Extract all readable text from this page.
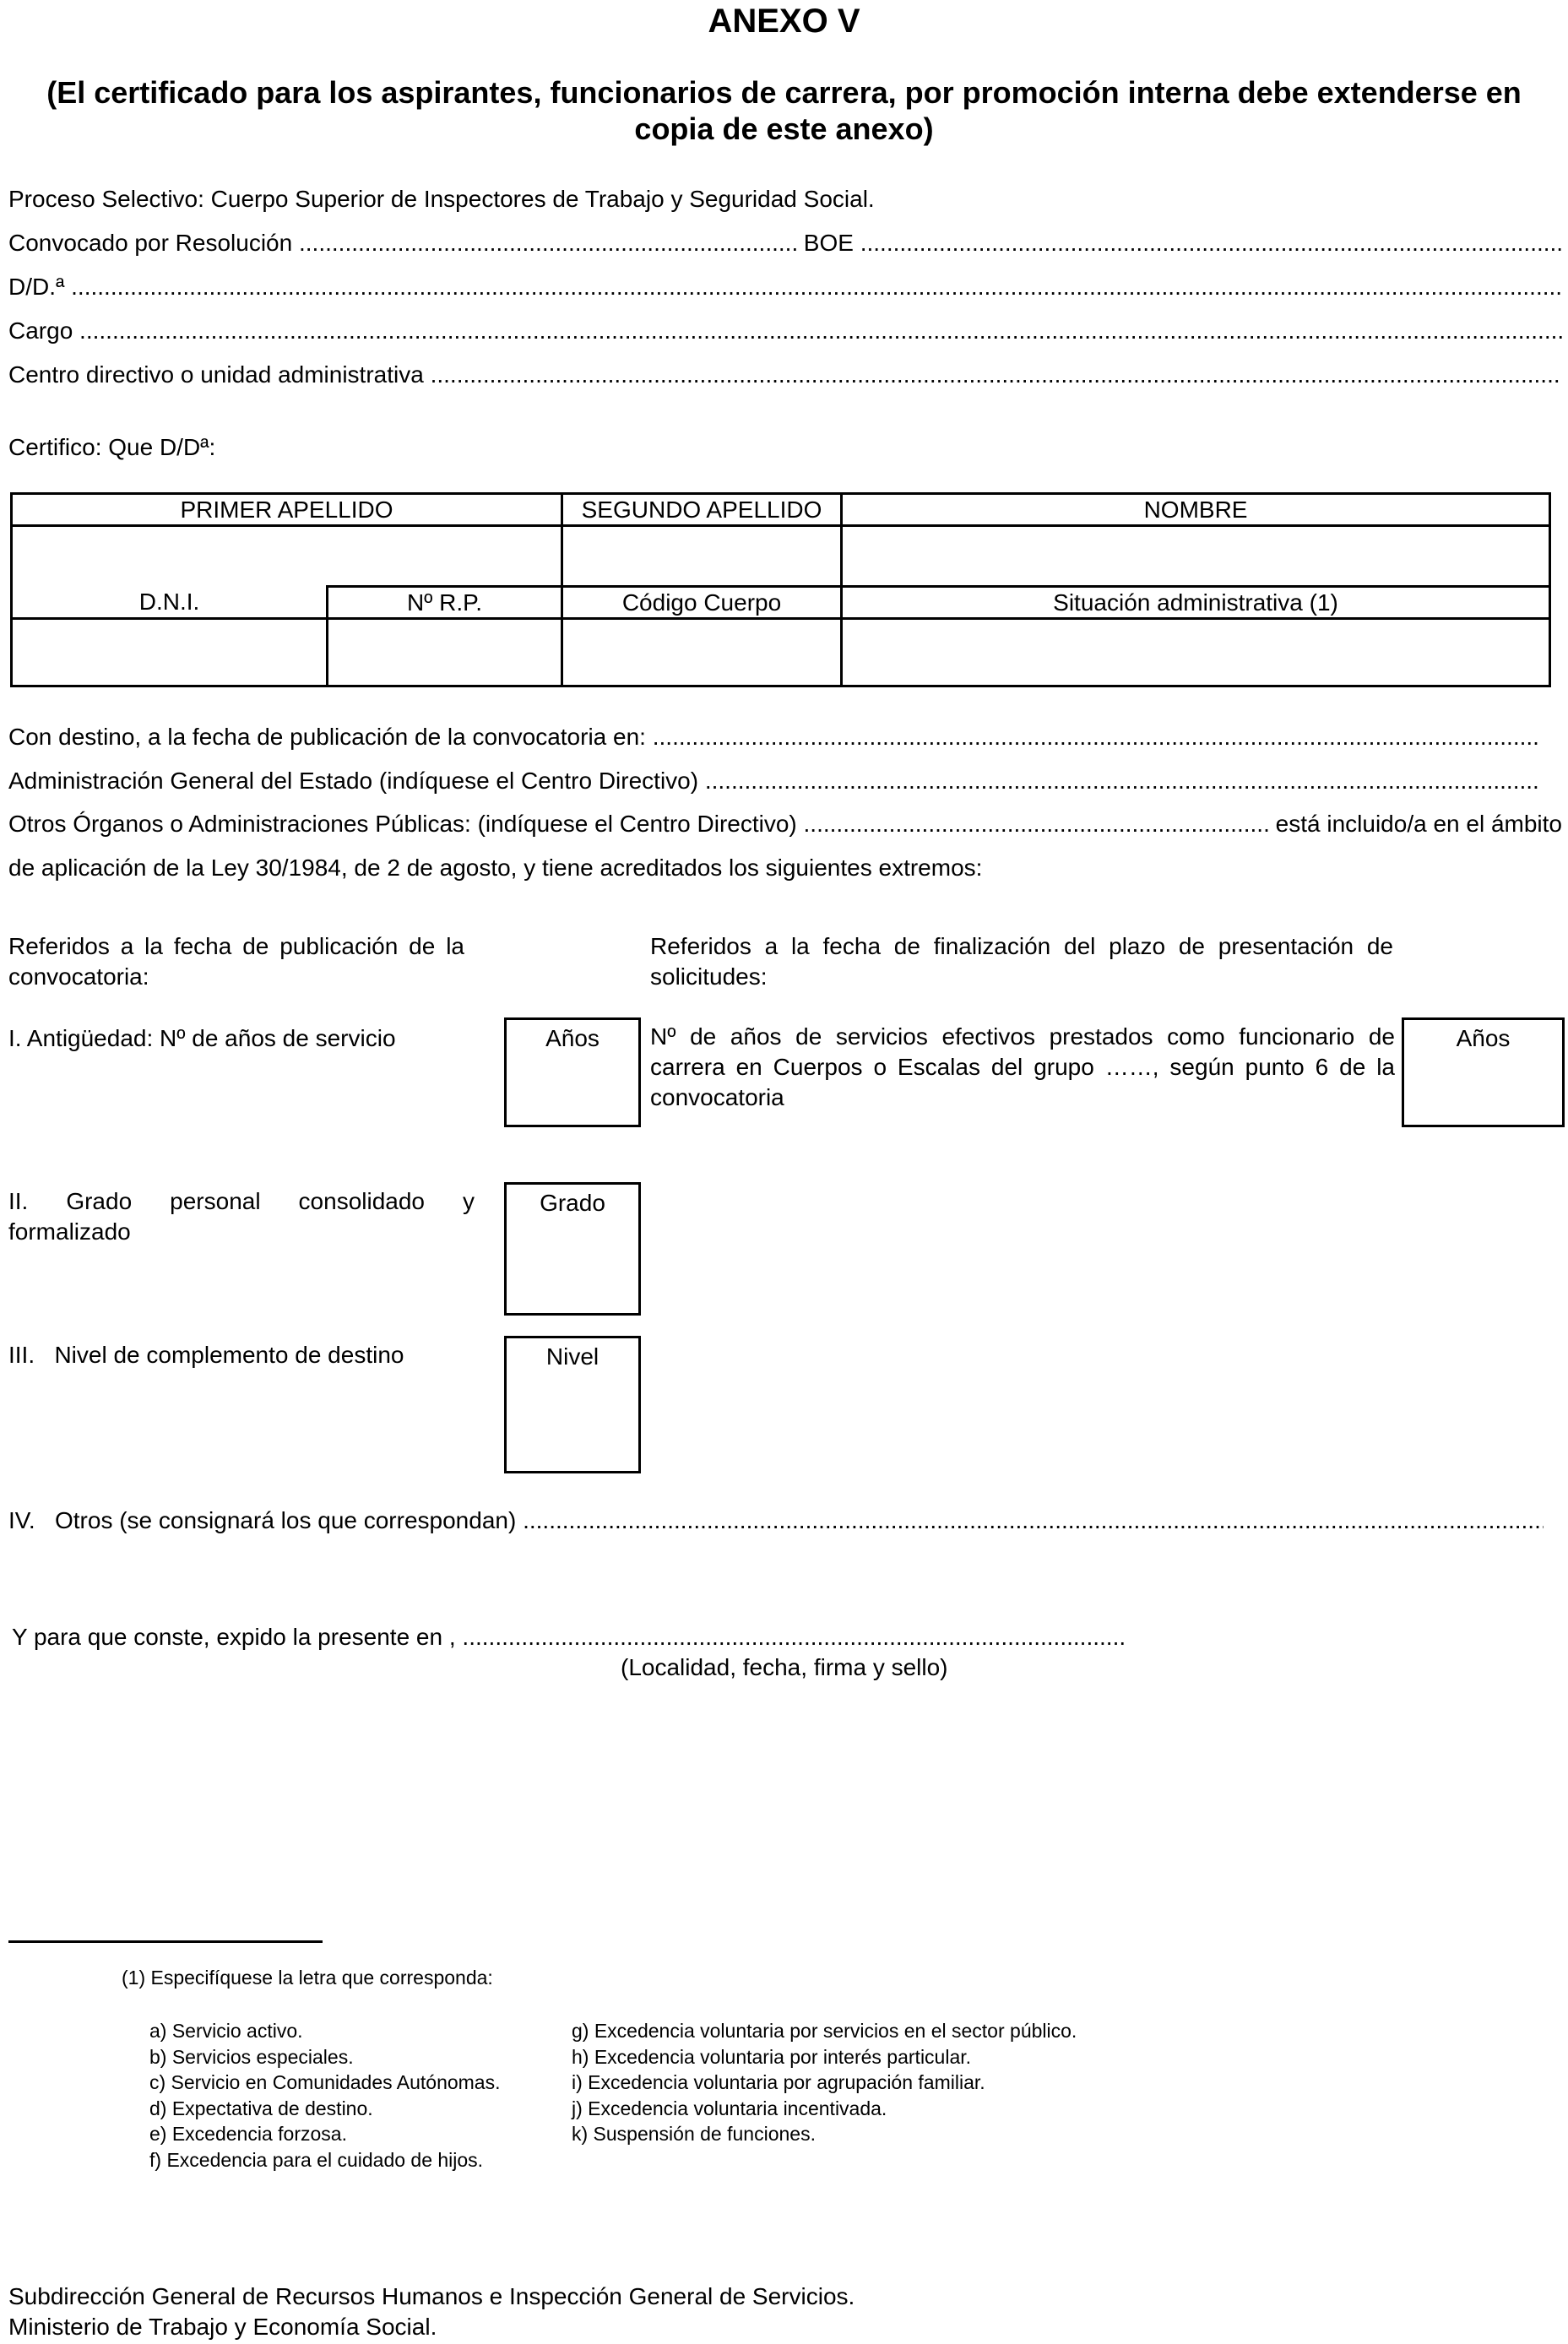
ANEXO V
(El certificado para los aspirantes, funcionarios de carrera, por promoción interna debe extenderse en copia de este anexo)
Proceso Selectivo: Cuerpo Superior de Inspectores de Trabajo y Seguridad Social.
Convocado por Resolución
.....
	BOE

.....
D/D.ª

.....
Cargo

.....
Centro directivo o unidad administrativa

.....
Certifico: Que D/Dª:
PRIMER APELLIDO		SEGUNDO APELLIDO	NOMBRE

D.N.I.	Nº R.P.	Código Cuerpo	Situación administrativa (1)

Con destino, a la fecha de publicación de la convocatoria en:

.....
Administración General del Estado (indíquese el Centro Directivo)

.....
Otros Órganos o Administraciones Públicas: (indíquese el Centro Directivo)
.....
	está incluido/a en el ámbito
de aplicación de la Ley 30/1984, de 2 de agosto, y tiene acreditados los siguientes extremos:
Referidos a la fecha de publicación de la convocatoria:
Referidos a la fecha de finalización del plazo de presentación de solicitudes:
I. Antigüedad: Nº de años de servicio	Años	Nº de años de servicios efectivos prestados como funcionario de carrera en Cuerpos o Escalas del grupo ……, según punto 6 de la convocatoria
Años
II. Grado personal consolidado y formalizado
Grado
III.   Nivel de complemento de destino	Nivel
IV.   Otros (se consignará los que correspondan)

.....
Y para que conste, expido la presente en ,

.....
(Localidad, fecha, firma y sello)
(1) Especifíquese la letra que corresponda:
a) Servicio activo.
b) Servicios especiales.
c) Servicio en Comunidades Autónomas.
d) Expectativa de destino.
e) Excedencia forzosa.
f) Excedencia para el cuidado de hijos.
g) Excedencia voluntaria por servicios en el sector público.
h) Excedencia voluntaria por interés particular.
i) Excedencia voluntaria por agrupación familiar.
j) Excedencia voluntaria incentivada.
k) Suspensión de funciones.
Subdirección General de Recursos Humanos e Inspección General de Servicios.
Ministerio de Trabajo y Economía Social.
